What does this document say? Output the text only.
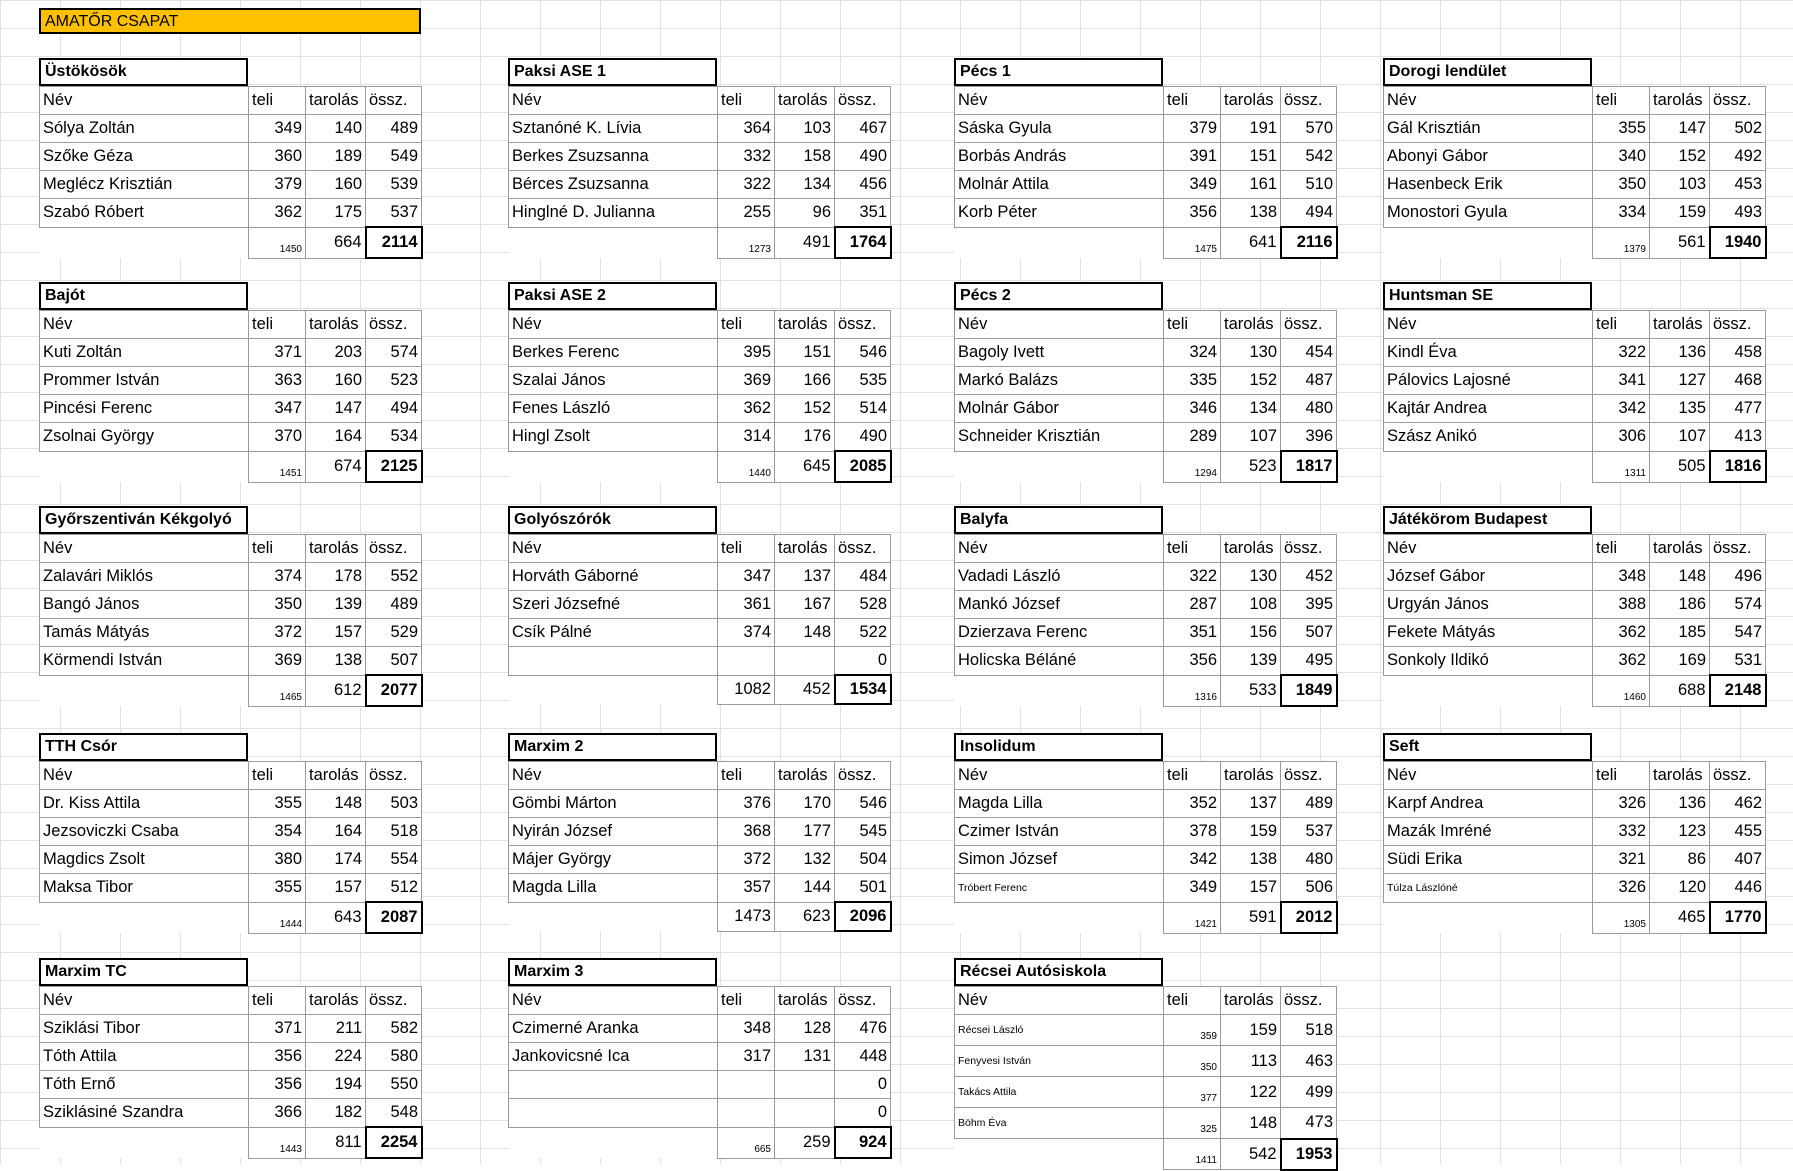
AMATŐR CSAPAT
Üstökösök
Név	teli	tarolás	össz.
Sólya Zoltán	349	140	489
Szőke Géza	360	189	549
Meglécz Krisztián	379	160	539
Szabó Róbert	362	175	537
	1450	664	2114
Paksi ASE 1
Név	teli	tarolás	össz.
Sztanóné K. Lívia	364	103	467
Berkes Zsuzsanna	332	158	490
Bérces Zsuzsanna	322	134	456
Hinglné D. Julianna	255	96	351
	1273	491	1764
Pécs 1
Név	teli	tarolás	össz.
Sáska Gyula	379	191	570
Borbás András	391	151	542
Molnár Attila	349	161	510
Korb Péter	356	138	494
	1475	641	2116
Dorogi lendület
Név	teli	tarolás	össz.
Gál Krisztián	355	147	502
Abonyi Gábor	340	152	492
Hasenbeck Erik	350	103	453
Monostori Gyula	334	159	493
	1379	561	1940
Bajót
Név	teli	tarolás	össz.
Kuti Zoltán	371	203	574
Prommer István	363	160	523
Pincési Ferenc	347	147	494
Zsolnai György	370	164	534
	1451	674	2125
Paksi ASE 2
Név	teli	tarolás	össz.
Berkes Ferenc	395	151	546
Szalai János	369	166	535
Fenes László	362	152	514
Hingl Zsolt	314	176	490
	1440	645	2085
Pécs 2
Név	teli	tarolás	össz.
Bagoly Ivett	324	130	454
Markó Balázs	335	152	487
Molnár Gábor	346	134	480
Schneider Krisztián	289	107	396
	1294	523	1817
Huntsman SE
Név	teli	tarolás	össz.
Kindl Éva	322	136	458
Pálovics Lajosné	341	127	468
Kajtár Andrea	342	135	477
Szász Anikó	306	107	413
	1311	505	1816
Győrszentiván Kékgolyó
Név	teli	tarolás	össz.
Zalavári Miklós	374	178	552
Bangó János	350	139	489
Tamás Mátyás	372	157	529
Körmendi István	369	138	507
	1465	612	2077
Golyószórók
Név	teli	tarolás	össz.
Horváth Gáborné	347	137	484
Szeri Józsefné	361	167	528
Csík Pálné	374	148	522
			0
	1082	452	1534
Balyfa
Név	teli	tarolás	össz.
Vadadi László	322	130	452
Mankó József	287	108	395
Dzierzava Ferenc	351	156	507
Holicska Béláné	356	139	495
	1316	533	1849
Játékörom Budapest
Név	teli	tarolás	össz.
József Gábor	348	148	496
Urgyán János	388	186	574
Fekete Mátyás	362	185	547
Sonkoly Ildikó	362	169	531
	1460	688	2148
TTH Csór
Név	teli	tarolás	össz.
Dr. Kiss Attila	355	148	503
Jezsoviczki Csaba	354	164	518
Magdics Zsolt	380	174	554
Maksa Tibor	355	157	512
	1444	643	2087
Marxim 2
Név	teli	tarolás	össz.
Gömbi Márton	376	170	546
Nyirán József	368	177	545
Májer György	372	132	504
Magda Lilla	357	144	501
	1473	623	2096
Insolidum
Név	teli	tarolás	össz.
Magda Lilla	352	137	489
Czimer István	378	159	537
Simon József	342	138	480
Tróbert Ferenc	349	157	506
	1421	591	2012
Seft
Név	teli	tarolás	össz.
Karpf Andrea	326	136	462
Mazák Imréné	332	123	455
Südi Erika	321	86	407
Túlza Lászlóné	326	120	446
	1305	465	1770
Marxim TC
Név	teli	tarolás	össz.
Sziklási Tibor	371	211	582
Tóth Attila	356	224	580
Tóth Ernő	356	194	550
Sziklásiné Szandra	366	182	548
	1443	811	2254
Marxim 3
Név	teli	tarolás	össz.
Czimerné Aranka	348	128	476
Jankovicsné Ica	317	131	448
			0
			0
	665	259	924
Récsei Autósiskola
Név	teli	tarolás	össz.
Récsei László	359	159	518
Fenyvesi István	350	113	463
Takács Attila	377	122	499
Böhm Éva	325	148	473
	1411	542	1953
